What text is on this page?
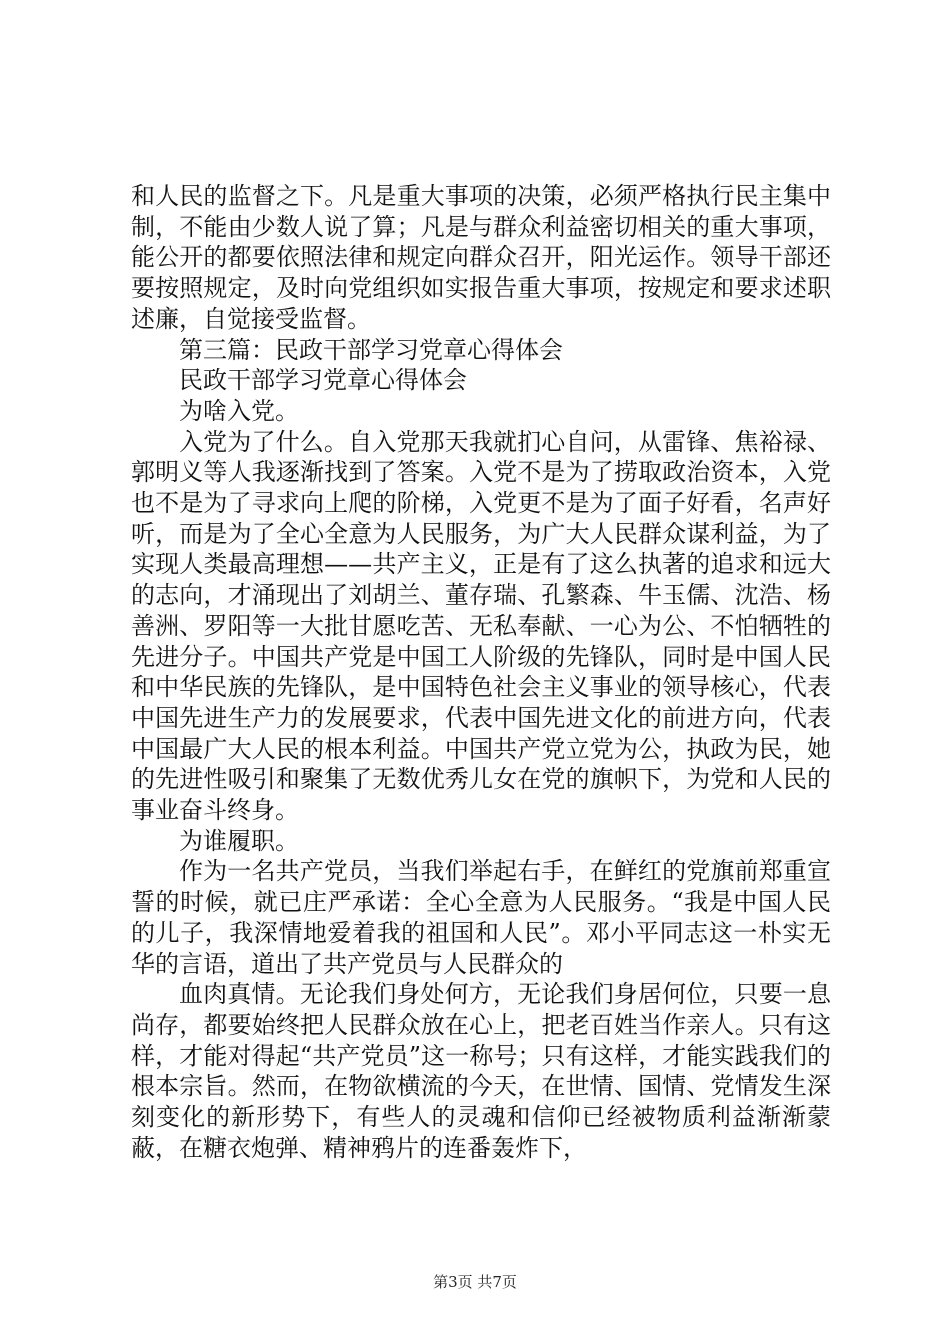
和人民的监督之下。凡是重大事项的决策，必须严格执行民主集中制，不能由少数人说了算；凡是与群众利益密切相关的重大事项，能公开的都要依照法律和规定向群众召开，阳光运作。领导干部还要按照规定，及时向党组织如实报告重大事项，按规定和要求述职述廉，自觉接受监督。

第三篇：民政干部学习党章心得体会

民政干部学习党章心得体会

为啥入党。

入党为了什么。自入党那天我就扪心自问，从雷锋、焦裕禄、郭明义等人我逐渐找到了答案。入党不是为了捞取政治资本，入党也不是为了寻求向上爬的阶梯，入党更不是为了面子好看，名声好听，而是为了全心全意为人民服务，为广大人民群众谋利益，为了实现人类最高理想——共产主义，正是有了这么执著的追求和远大的志向，才涌现出了刘胡兰、董存瑞、孔繁森、牛玉儒、沈浩、杨善洲、罗阳等一大批甘愿吃苦、无私奉献、一心为公、不怕牺牲的先进分子。中国共产党是中国工人阶级的先锋队，同时是中国人民和中华民族的先锋队，是中国特色社会主义事业的领导核心，代表中国先进生产力的发展要求，代表中国先进文化的前进方向，代表中国最广大人民的根本利益。中国共产党立党为公，执政为民，她的先进性吸引和聚集了无数优秀儿女在党的旗帜下，为党和人民的事业奋斗终身。

为谁履职。

作为一名共产党员，当我们举起右手，在鲜红的党旗前郑重宣誓的时候，就已庄严承诺：全心全意为人民服务。“我是中国人民的儿子，我深情地爱着我的祖国和人民”。邓小平同志这一朴实无华的言语，道出了共产党员与人民群众的

血肉真情。无论我们身处何方，无论我们身居何位，只要一息尚存，都要始终把人民群众放在心上，把老百姓当作亲人。只有这样，才能对得起“共产党员”这一称号；只有这样，才能实践我们的根本宗旨。然而，在物欲横流的今天，在世情、国情、党情发生深刻变化的新形势下，有些人的灵魂和信仰已经被物质利益渐渐蒙蔽，在糖衣炮弹、精神鸦片的连番轰炸下，

第3页 共7页
